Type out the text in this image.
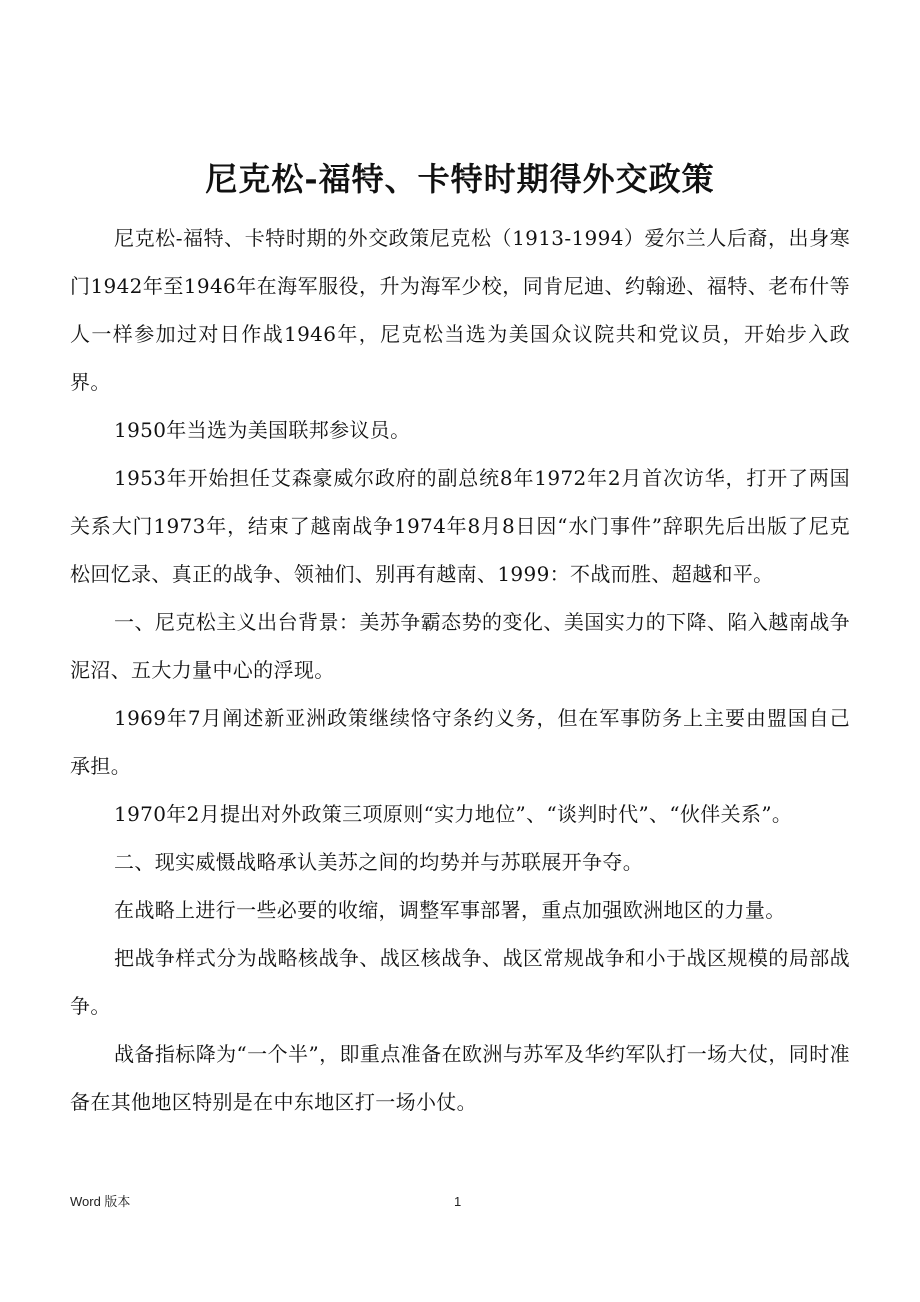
尼克松-福特、卡特时期得外交政策

尼克松-福特、卡特时期的外交政策尼克松（1913-1994）爱尔兰人后裔，出身寒门1942年至1946年在海军服役，升为海军少校，同肯尼迪、约翰逊、福特、老布什等人一样参加过对日作战1946年，尼克松当选为美国众议院共和党议员，开始步入政界。

1950年当选为美国联邦参议员。

1953年开始担任艾森豪威尔政府的副总统8年1972年2月首次访华，打开了两国关系大门1973年，结束了越南战争1974年8月8日因“水门事件”辞职先后出版了尼克松回忆录、真正的战争、领袖们、别再有越南、1999：不战而胜、超越和平。

一、尼克松主义出台背景：美苏争霸态势的变化、美国实力的下降、陷入越南战争泥沼、五大力量中心的浮现。

1969年7月阐述新亚洲政策继续恪守条约义务，但在军事防务上主要由盟国自己承担。

1970年2月提出对外政策三项原则“实力地位”、“谈判时代”、“伙伴关系”。

二、现实威慑战略承认美苏之间的均势并与苏联展开争夺。

在战略上进行一些必要的收缩，调整军事部署，重点加强欧洲地区的力量。

把战争样式分为战略核战争、战区核战争、战区常规战争和小于战区规模的局部战争。

战备指标降为“一个半”，即重点准备在欧洲与苏军及华约军队打一场大仗，同时准备在其他地区特别是在中东地区打一场小仗。

Word 版本	1
